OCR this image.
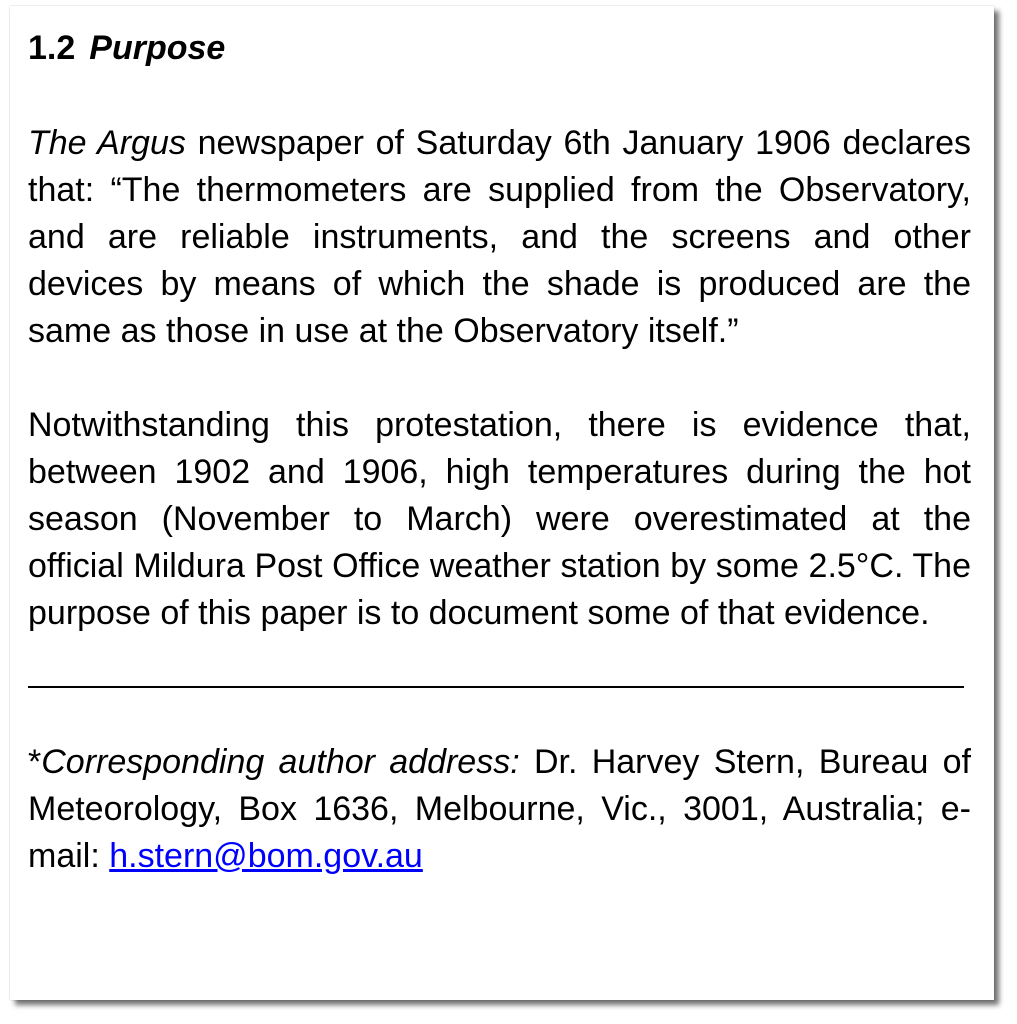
1.2 Purpose

The Argus newspaper of Saturday 6th January 1906 declares that: “The thermometers are supplied from the Observatory, and are reliable instruments, and the screens and other devices by means of which the shade is produced are the same as those in use at the Observatory itself.”

Notwithstanding this protestation, there is evidence that, between 1902 and 1906, high temperatures during the hot season (November to March) were overestimated at the official Mildura Post Office weather station by some 2.5°C. The purpose of this paper is to document some of that evidence.

*Corresponding author address: Dr. Harvey Stern, Bureau of Meteorology, Box 1636, Melbourne, Vic., 3001, Australia; e-mail: h.stern@bom.gov.au
